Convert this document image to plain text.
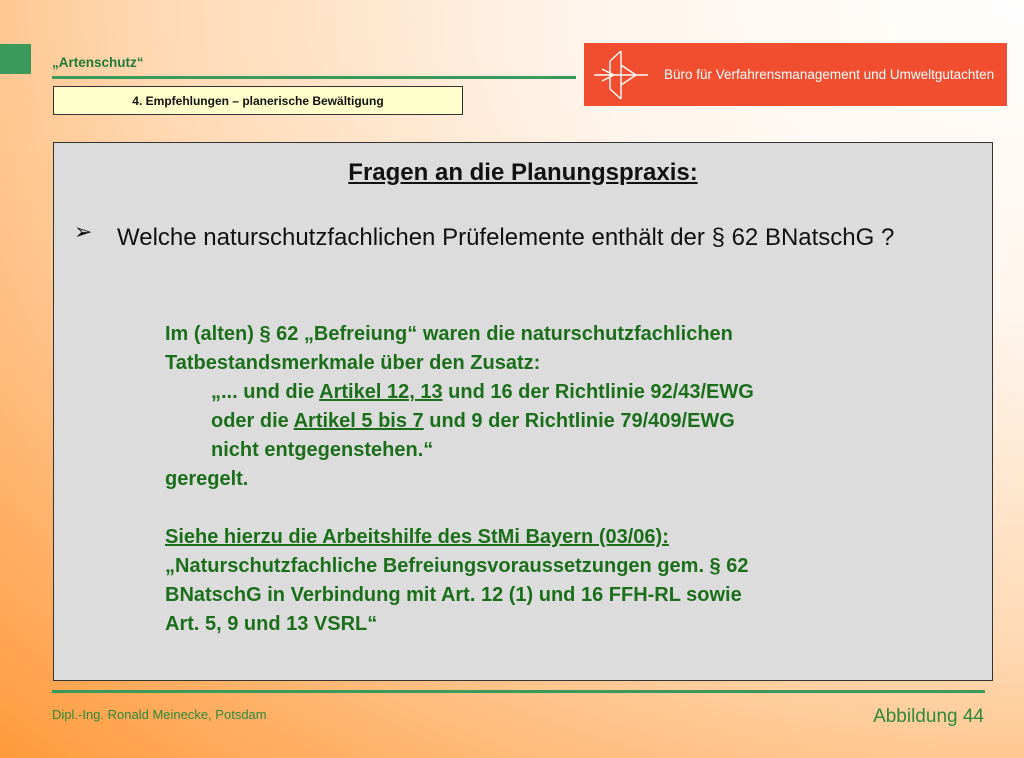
„Artenschutz“
4. Empfehlungen – planerische Bewältigung
Büro für Verfahrensmanagement und Umweltgutachten
Fragen an die Planungspraxis:
➢ Welche naturschutzfachlichen Prüfelemente enthält der § 62 BNatschG ?
Im (alten) § 62 „Befreiung“ waren die naturschutzfachlichen
Tatbestandsmerkmale über den Zusatz:
„... und die Artikel 12, 13 und 16 der Richtlinie 92/43/EWG
oder die Artikel 5 bis 7 und 9 der Richtlinie 79/409/EWG
nicht entgegenstehen.“
geregelt.
Siehe hierzu die Arbeitshilfe des StMi Bayern (03/06):
„Naturschutzfachliche Befreiungsvoraussetzungen gem. § 62
BNatschG in Verbindung mit Art. 12 (1) und 16 FFH-RL sowie
Art. 5, 9 und 13 VSRL“
Dipl.-Ing. Ronald Meinecke, Potsdam	Abbildung 44
